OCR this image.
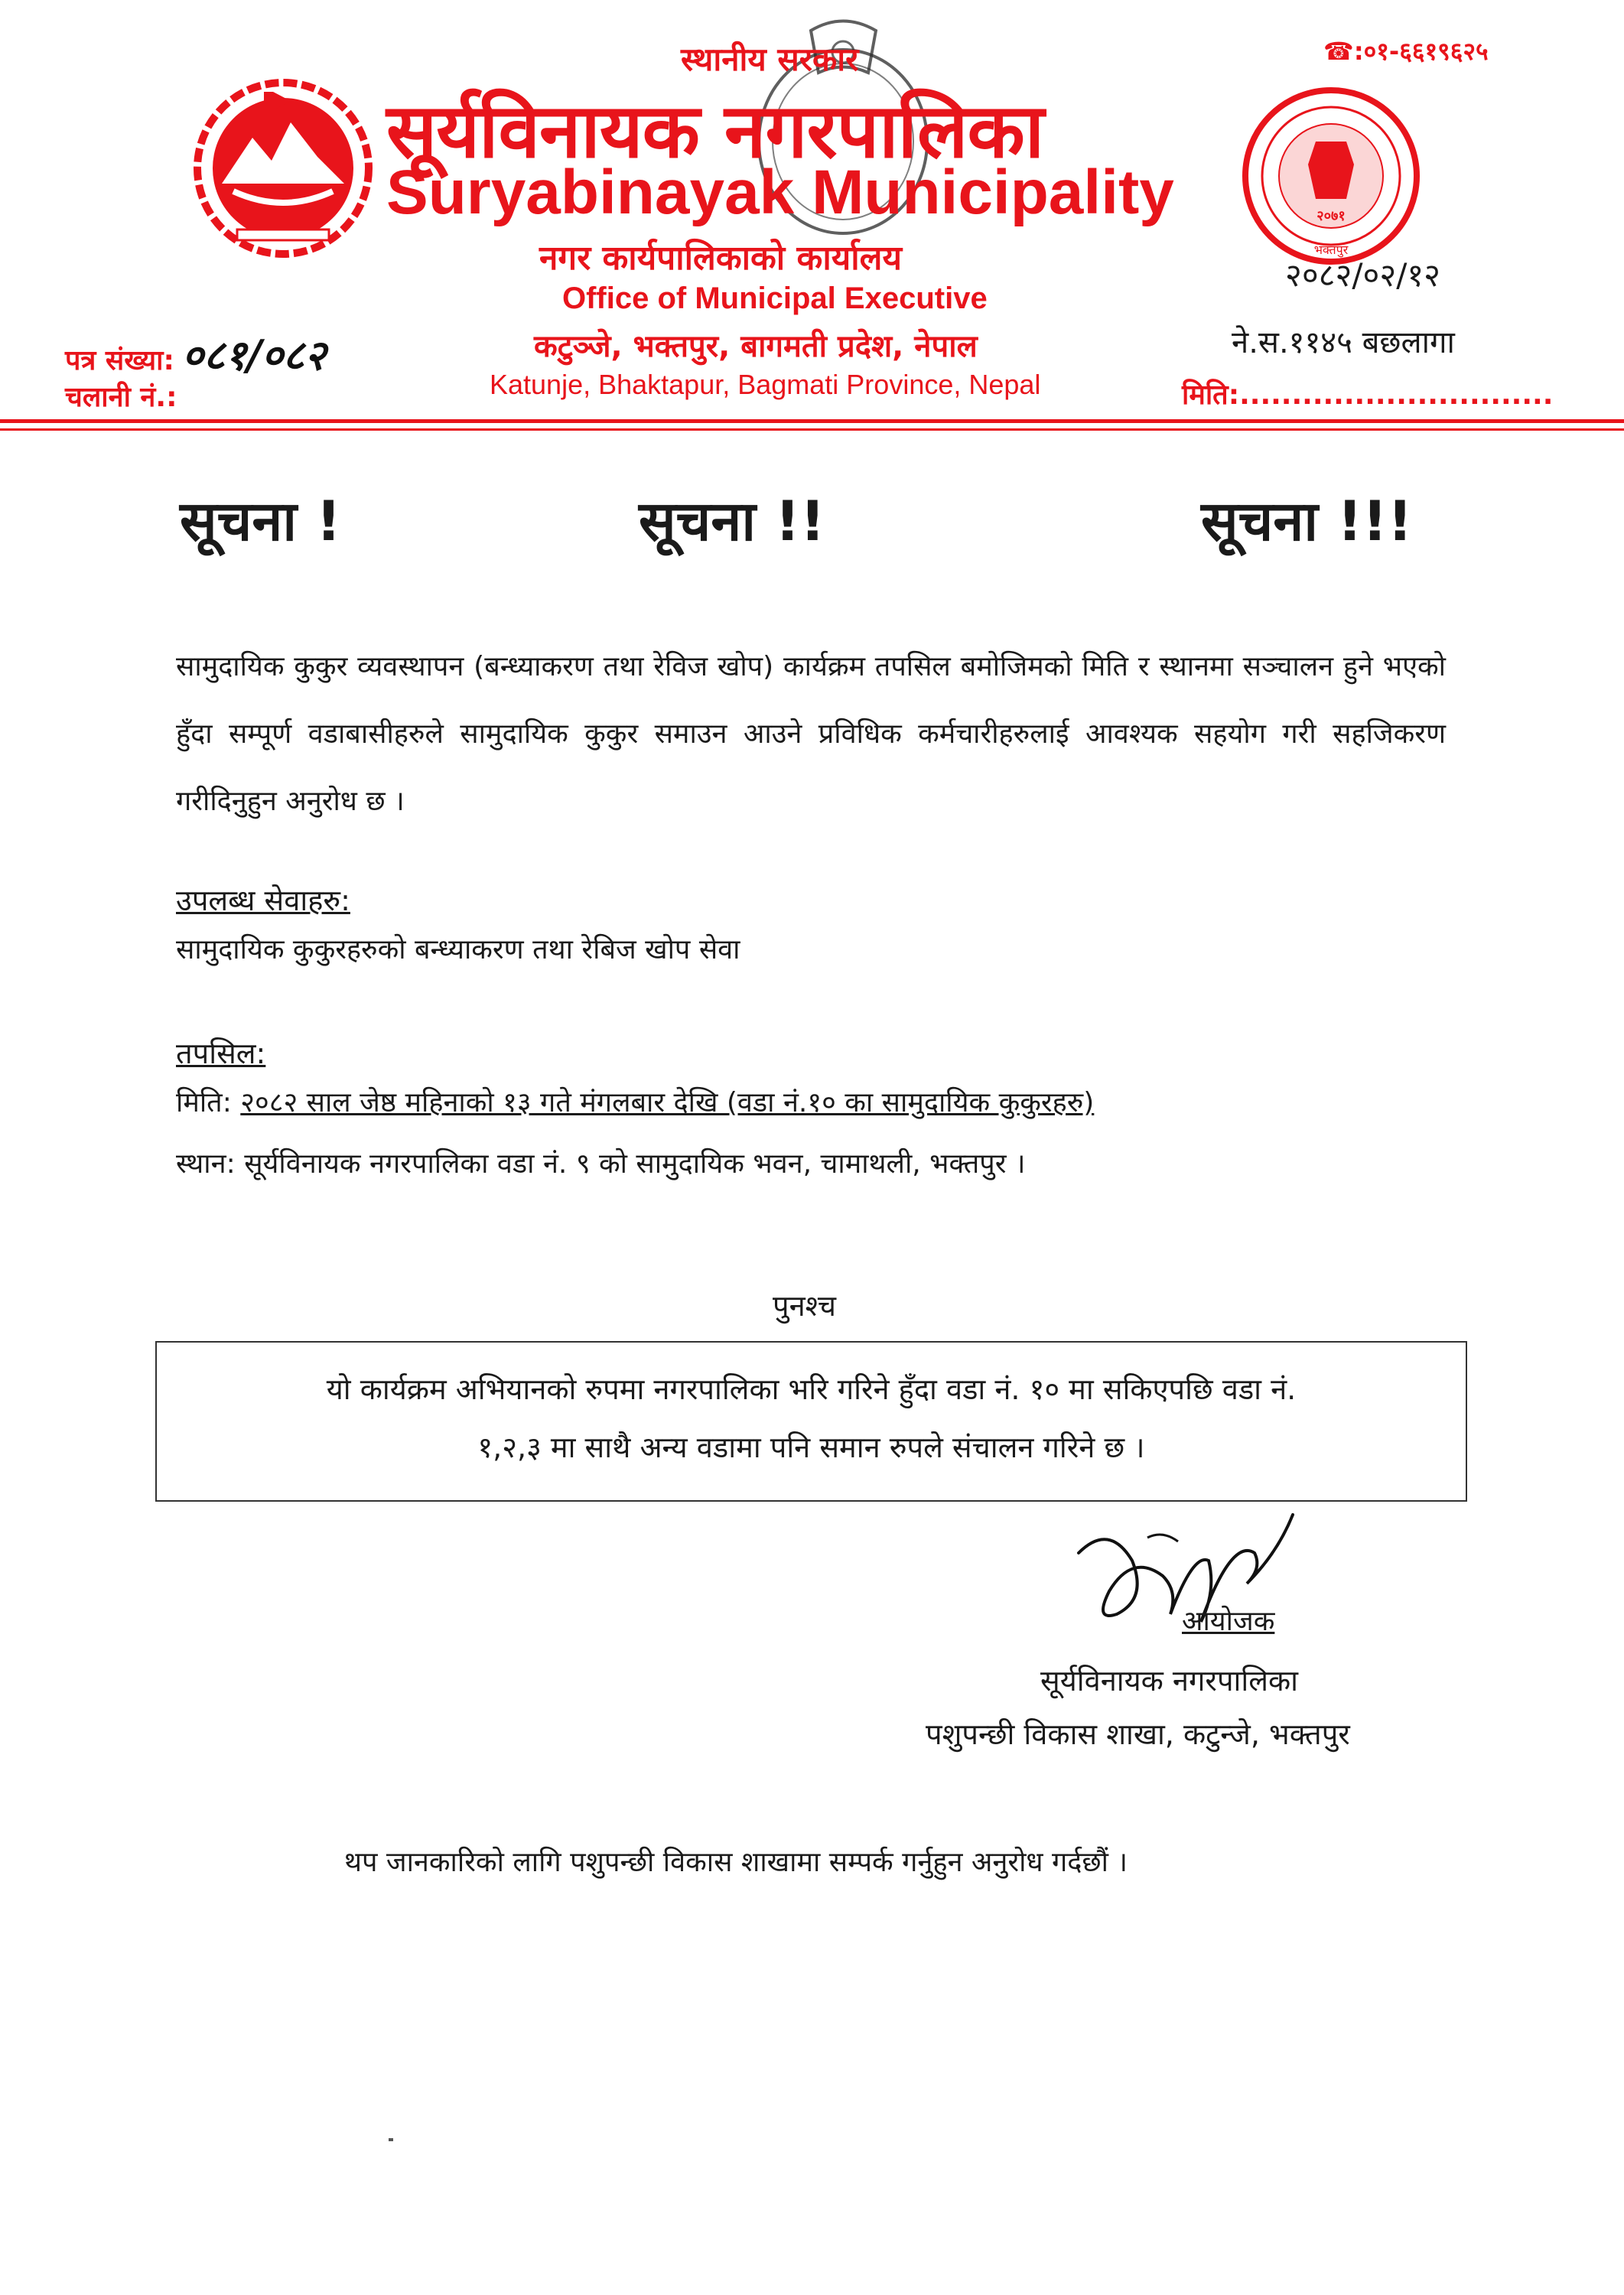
२०७१
भक्तपुर
स्थानीय सरकार
सूर्यविनायक नगरपालिका
Suryabinayak Municipality
नगर कार्यपालिकाको कार्यालय
Office of Municipal Executive
कटुञ्जे, भक्तपुर, बागमती प्रदेश, नेपाल
Katunje, Bhaktapur, Bagmati Province, Nepal
☎:०१-६६१९६२५
२०८२/०२/१२
ने.स.११४५ बछलागा
मिति:..............................
पत्र संख्या: ०८१/०८२
चलानी नं.:
सूचना !	सूचना !!	सूचना !!!
सामुदायिक कुकुर व्यवस्थापन (बन्ध्याकरण तथा रेविज खोप) कार्यक्रम तपसिल बमोजिमको मिति र स्थानमा सञ्चालन हुने भएको हुँदा सम्पूर्ण वडाबासीहरुले सामुदायिक कुकुर समाउन आउने प्रविधिक कर्मचारीहरुलाई आवश्यक सहयोग गरी सहजिकरण गरीदिनुहुन अनुरोध छ ।
उपलब्ध सेवाहरु:
सामुदायिक कुकुरहरुको बन्ध्याकरण तथा रेबिज खोप सेवा
तपसिल:
मिति: २०८२ साल जेष्ठ महिनाको १३ गते मंगलबार देखि (वडा नं.१० का सामुदायिक कुकुरहरु)
स्थान: सूर्यविनायक नगरपालिका वडा नं. ९ को सामुदायिक भवन, चामाथली, भक्तपुर ।
पुनश्च
यो कार्यक्रम अभियानको रुपमा नगरपालिका भरि गरिने हुँदा वडा नं. १० मा सकिएपछि वडा नं.
१,२,३ मा साथै अन्य वडामा पनि समान रुपले संचालन गरिने छ ।
आयोजक
सूर्यविनायक नगरपालिका
पशुपन्छी विकास शाखा, कटुन्जे, भक्तपुर
थप जानकारिको लागि पशुपन्छी विकास शाखामा सम्पर्क गर्नुहुन अनुरोध गर्दछौं ।
